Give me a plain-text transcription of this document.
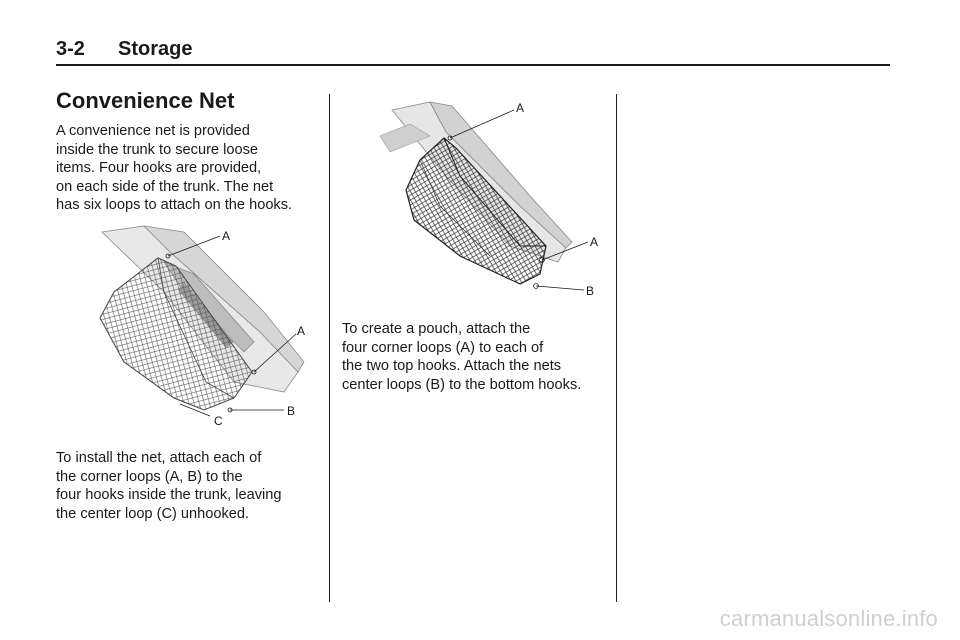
3-2 Storage
Convenience Net

A convenience net is provided
inside the trunk to secure loose
items. Four hooks are provided,
on each side of the trunk. The net
has six loops to attach on the hooks.

A
A
B
C

To install the net, attach each of
the corner loops (A, B) to the
four hooks inside the trunk, leaving
the center loop (C) unhooked.

A
A
B

To create a pouch, attach the
four corner loops (A) to each of
the two top hooks. Attach the nets
center loops (B) to the bottom hooks.

carmanualsonline.info
